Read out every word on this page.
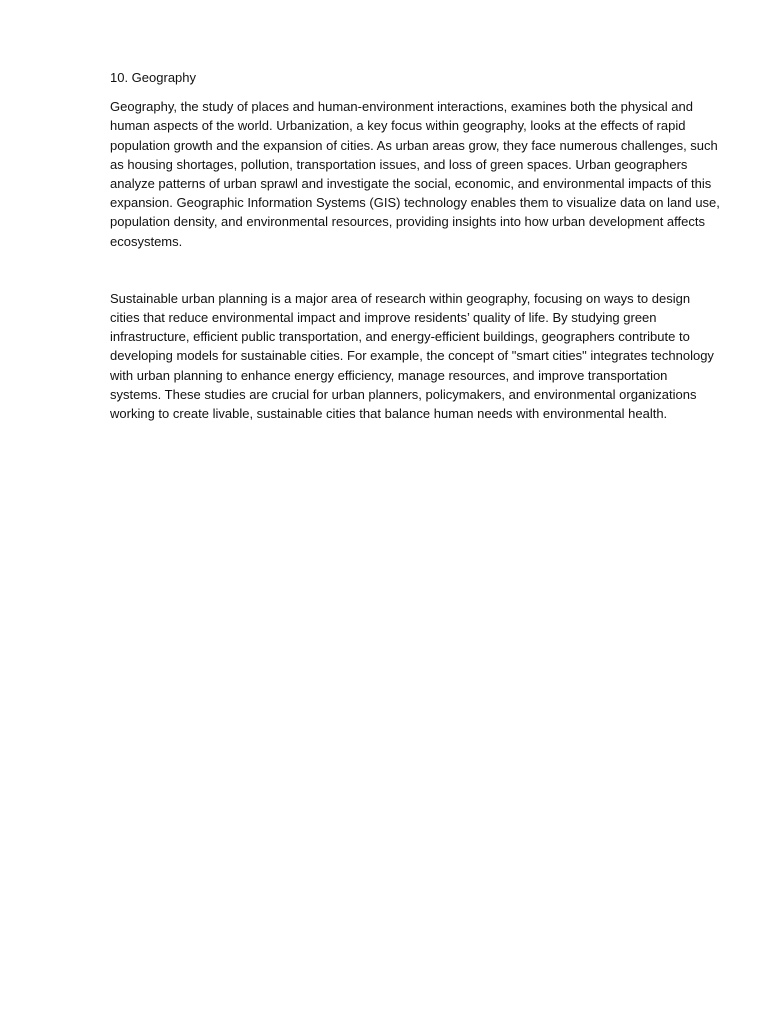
10. Geography

Geography, the study of places and human-environment interactions, examines both the physical and human aspects of the world. Urbanization, a key focus within geography, looks at the effects of rapid population growth and the expansion of cities. As urban areas grow, they face numerous challenges, such as housing shortages, pollution, transportation issues, and loss of green spaces. Urban geographers analyze patterns of urban sprawl and investigate the social, economic, and environmental impacts of this expansion. Geographic Information Systems (GIS) technology enables them to visualize data on land use, population density, and environmental resources, providing insights into how urban development affects ecosystems.

Sustainable urban planning is a major area of research within geography, focusing on ways to design cities that reduce environmental impact and improve residents’ quality of life. By studying green infrastructure, efficient public transportation, and energy-efficient buildings, geographers contribute to developing models for sustainable cities. For example, the concept of "smart cities" integrates technology with urban planning to enhance energy efficiency, manage resources, and improve transportation systems. These studies are crucial for urban planners, policymakers, and environmental organizations working to create livable, sustainable cities that balance human needs with environmental health.
